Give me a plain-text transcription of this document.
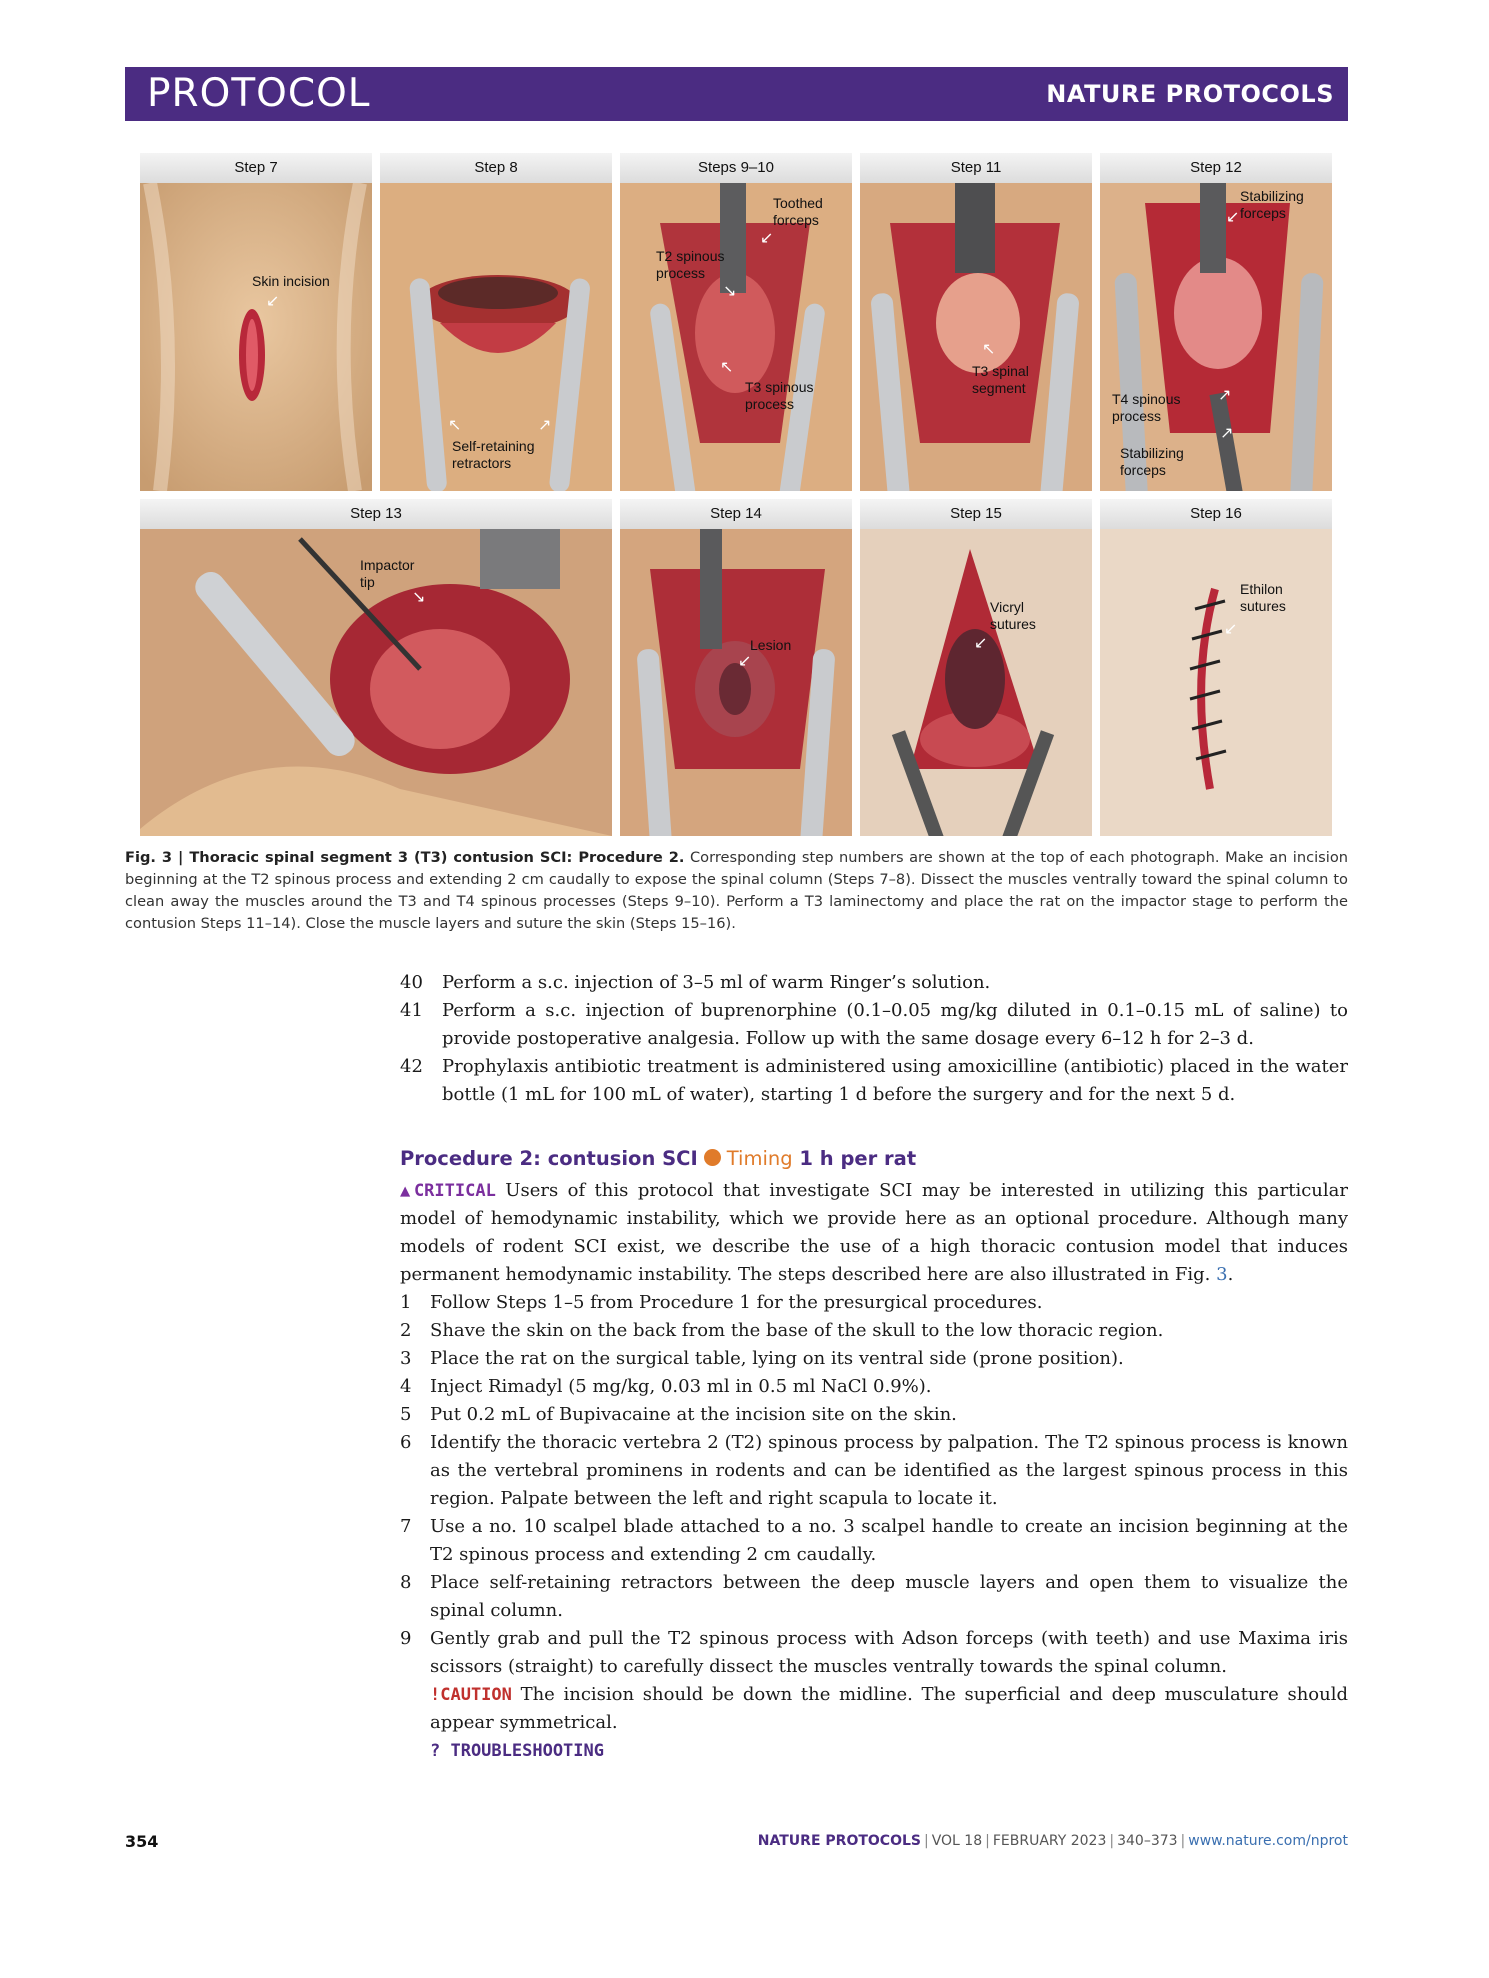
PROTOCOL	NATURE PROTOCOLS
Step 7
Skin incision
↙
Step 8
Self-retaining
retractors
↖	↗
Steps 9–10
Toothed
forceps
T2 spinous
process
T3 spinous
process
↙
↘
↖
Step 11
T3 spinal
segment
↖
Step 12
Stabilizing
forceps
T4 spinous
process
Stabilizing
forceps
↙
↗
↗
Step 13
Impactor
tip
↘
Step 14
Lesion
↙
Step 15
Vicryl
sutures
↙
Step 16
Ethilon
sutures
↙
Fig. 3 | Thoracic spinal segment 3 (T3) contusion SCI: Procedure 2. Corresponding step numbers are shown at the top of each photograph. Make an incision beginning at the T2 spinous process and extending 2 cm caudally to expose the spinal column (Steps 7–8). Dissect the muscles ventrally toward the spinal column to clean away the muscles around the T3 and T4 spinous processes (Steps 9–10). Perform a T3 laminectomy and place the rat on the impactor stage to perform the contusion Steps 11–14). Close the muscle layers and suture the skin (Steps 15–16).
40 Perform a s.c. injection of 3–5 ml of warm Ringer’s solution.
41 Perform a s.c. injection of buprenorphine (0.1–0.05 mg/kg diluted in 0.1–0.15 mL of saline) to provide postoperative analgesia. Follow up with the same dosage every 6–12 h for 2–3 d.
42 Prophylaxis antibiotic treatment is administered using amoxicilline (antibiotic) placed in the water bottle (1 mL for 100 mL of water), starting 1 d before the surgery and for the next 5 d.
Procedure 2: contusion SCI Timing 1 h per rat
▲CRITICAL Users of this protocol that investigate SCI may be interested in utilizing this particular model of hemodynamic instability, which we provide here as an optional procedure. Although many models of rodent SCI exist, we describe the use of a high thoracic contusion model that induces permanent hemodynamic instability. The steps described here are also illustrated in Fig. 3.
1 Follow Steps 1–5 from Procedure 1 for the presurgical procedures.
2 Shave the skin on the back from the base of the skull to the low thoracic region.
3 Place the rat on the surgical table, lying on its ventral side (prone position).
4 Inject Rimadyl (5 mg/kg, 0.03 ml in 0.5 ml NaCl 0.9%).
5 Put 0.2 mL of Bupivacaine at the incision site on the skin.
6 Identify the thoracic vertebra 2 (T2) spinous process by palpation. The T2 spinous process is known as the vertebral prominens in rodents and can be identified as the largest spinous process in this region. Palpate between the left and right scapula to locate it.
7 Use a no. 10 scalpel blade attached to a no. 3 scalpel handle to create an incision beginning at the T2 spinous process and extending 2 cm caudally.
8 Place self-retaining retractors between the deep muscle layers and open them to visualize the spinal column.
9 Gently grab and pull the T2 spinous process with Adson forceps (with teeth) and use Maxima iris scissors (straight) to carefully dissect the muscles ventrally towards the spinal column.
!CAUTION The incision should be down the midline. The superficial and deep musculature should appear symmetrical.
? TROUBLESHOOTING
354	NATURE PROTOCOLS | VOL 18 | FEBRUARY 2023 | 340–373 | www.nature.com/nprot
